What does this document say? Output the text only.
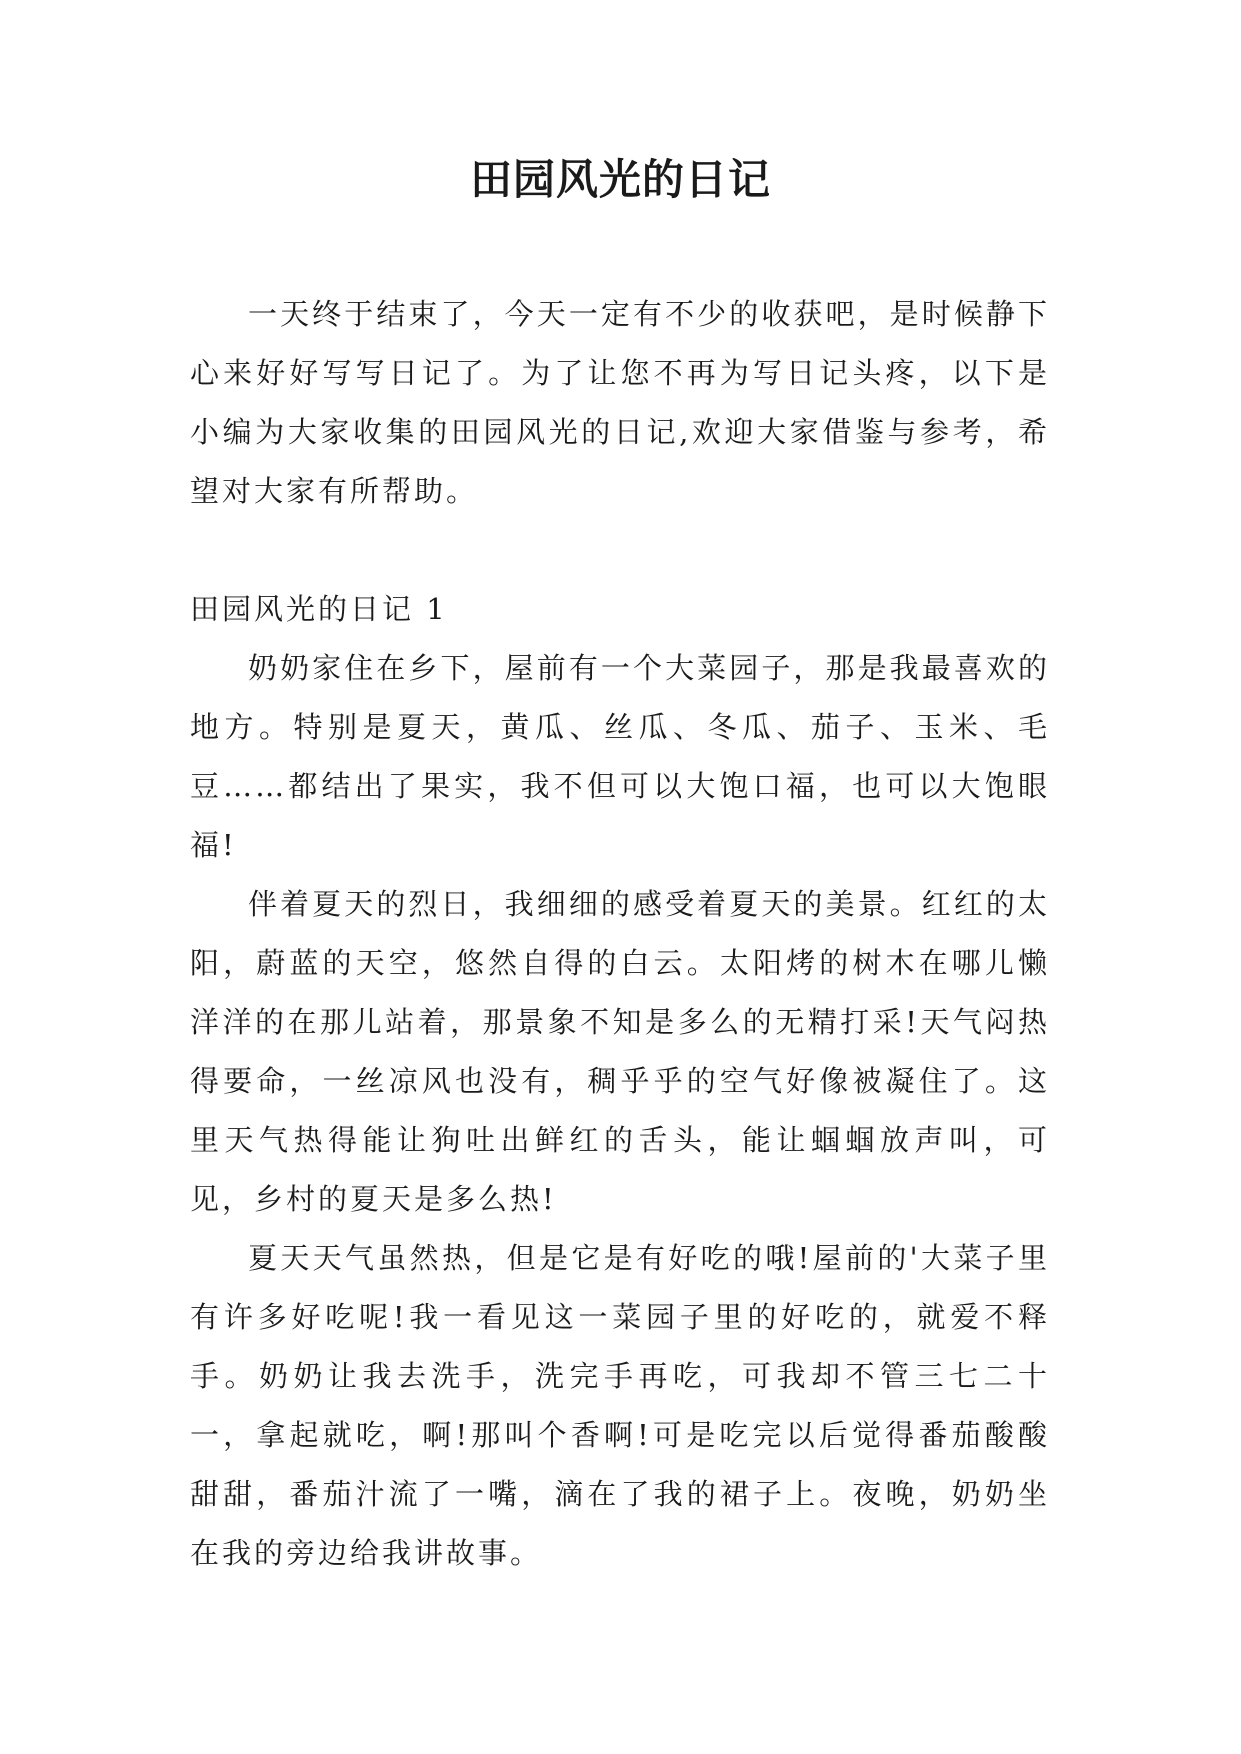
田园风光的日记

一天终于结束了，今天一定有不少的收获吧，是时候静下心来好好写写日记了。为了让您不再为写日记头疼，以下是小编为大家收集的田园风光的日记,欢迎大家借鉴与参考，希望对大家有所帮助。

田园风光的日记 1

奶奶家住在乡下，屋前有一个大菜园子，那是我最喜欢的地方。特别是夏天，黄瓜、丝瓜、冬瓜、茄子、玉米、毛豆……都结出了果实，我不但可以大饱口福，也可以大饱眼福!

伴着夏天的烈日，我细细的感受着夏天的美景。红红的太阳，蔚蓝的天空，悠然自得的白云。太阳烤的树木在哪儿懒洋洋的在那儿站着，那景象不知是多么的无精打采!天气闷热得要命，一丝凉风也没有，稠乎乎的空气好像被凝住了。这里天气热得能让狗吐出鲜红的舌头，能让蝈蝈放声叫，可见，乡村的夏天是多么热!

夏天天气虽然热，但是它是有好吃的哦!屋前的'大菜子里有许多好吃呢!我一看见这一菜园子里的好吃的，就爱不释手。奶奶让我去洗手，洗完手再吃，可我却不管三七二十一，拿起就吃，啊!那叫个香啊!可是吃完以后觉得番茄酸酸甜甜，番茄汁流了一嘴，滴在了我的裙子上。夜晚，奶奶坐在我的旁边给我讲故事。
